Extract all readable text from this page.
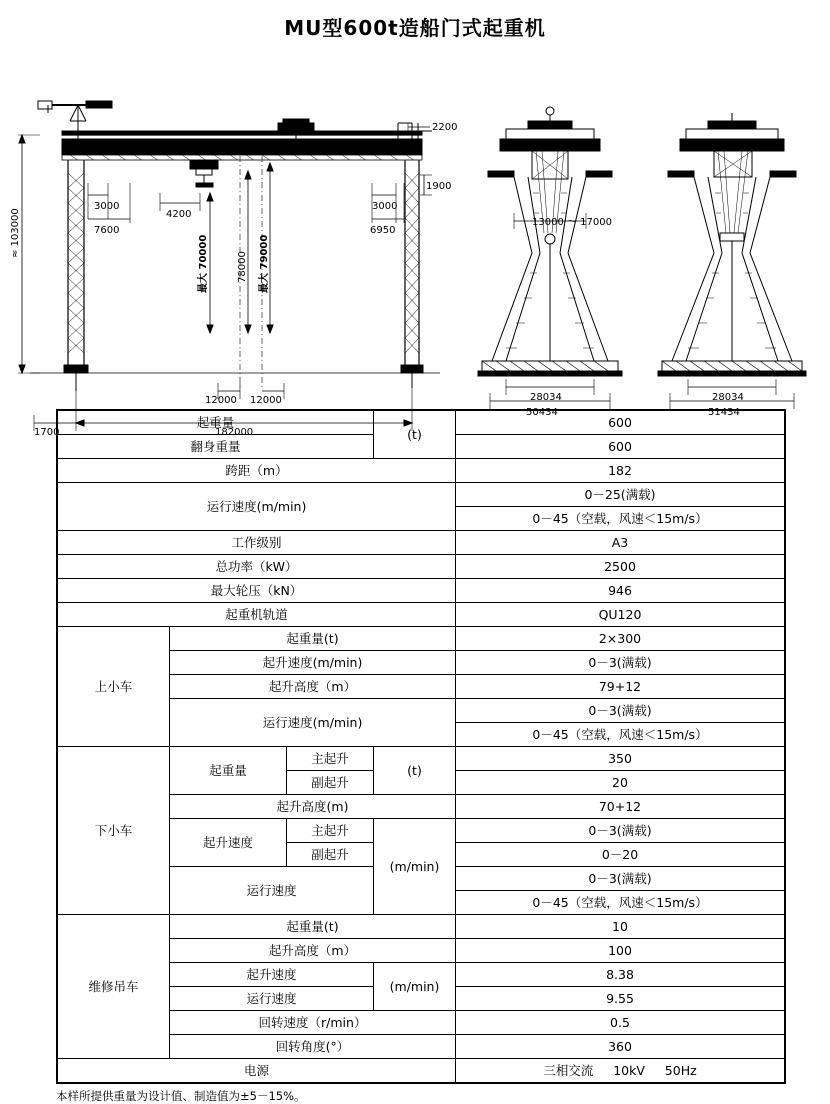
MU型600t造船门式起重机
2200
1900
3000
7600
4200
3000
6950
≈ 103000
最大 70000	78000 最大 79000
12000 12000
1700	182000
13000 ～ 17000
28034
50434
28034
51434
起重量			(t)	600
翻身重量				600
跨距（m）				182
运行速度(m/min)				0－25(满载)
				0－45（空载，风速＜15m/s）
工作级别				A3
总功率（kW）				2500
最大轮压（kN）				946
起重机轨道				QU120
上小车	起重量(t)			2×300
	起升速度(m/min)			0－3(满载)
	起升高度（m）			79+12
	运行速度(m/min)			0－3(满载)
				0－45（空载，风速＜15m/s）
下小车	起重量	主起升	(t)	350
		副起升		20
	起升高度(m)			70+12
	起升速度	主起升	(m/min)	0－3(满载)
		副起升		0－20
	运行速度			0－3(满载)
				0－45（空载，风速＜15m/s）
维修吊车	起重量(t)			10
	起升高度（m）			100
	起升速度		(m/min)	8.38
	运行速度			9.55
	回转速度（r/min）			0.5
	回转角度(°）			360
电源				三相交流 10kV 50Hz
本样所提供重量为设计值、制造值为±5－15%。
